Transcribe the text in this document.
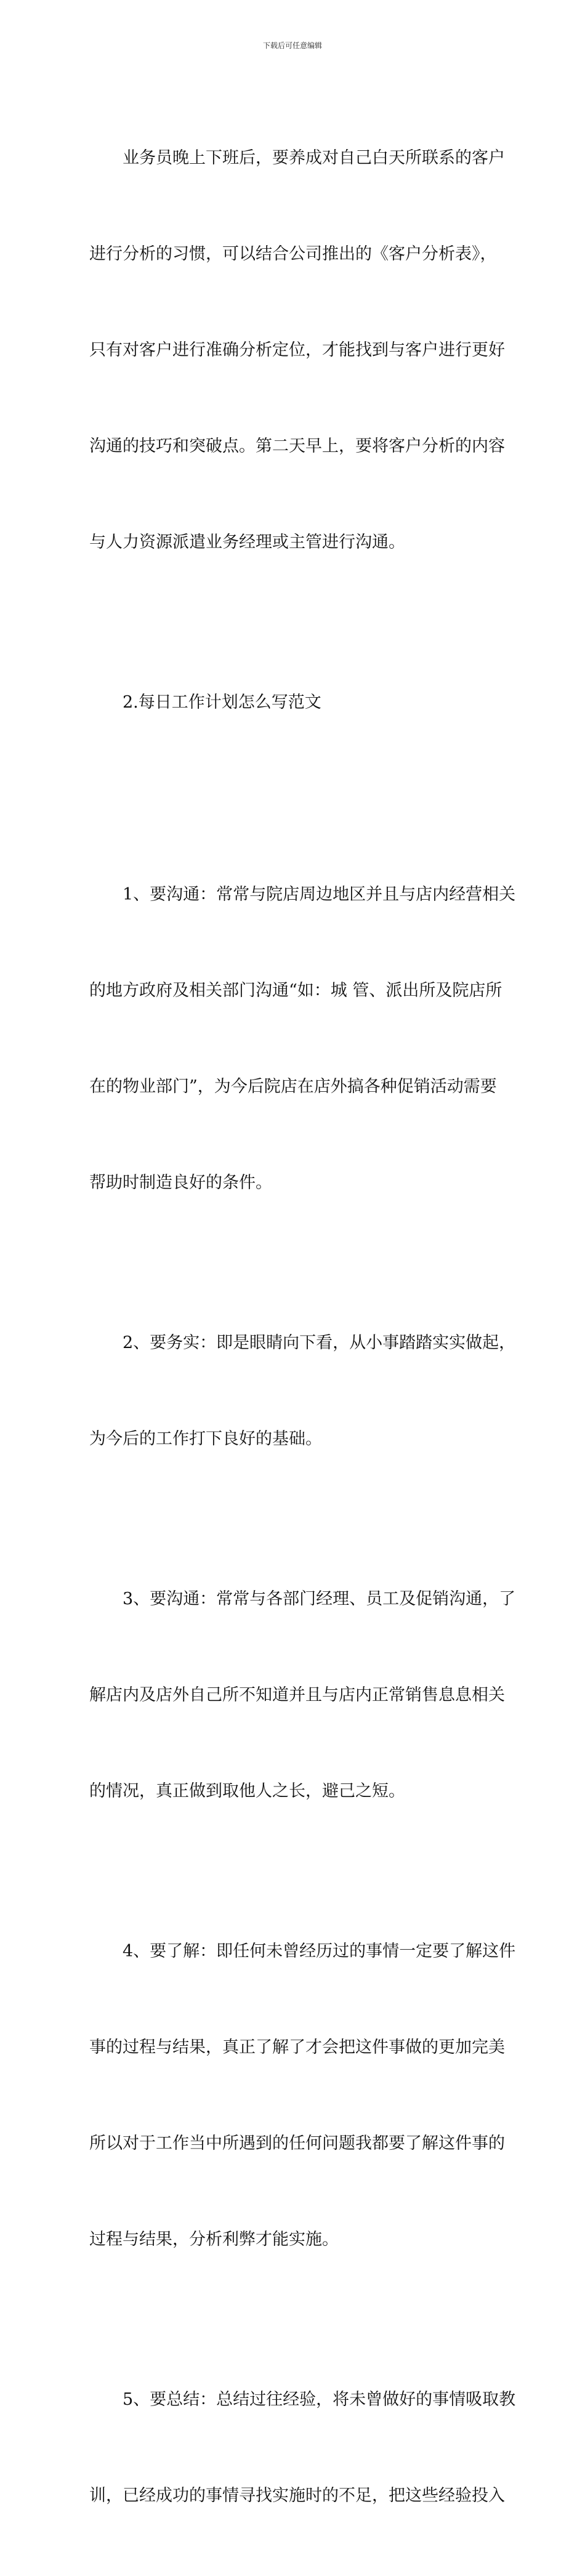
下载后可任意编辑

业务员晚上下班后，要养成对自己白天所联系的客户

进行分析的习惯，可以结合公司推出的《客户分析表》，

只有对客户进行准确分析定位，才能找到与客户进行更好

沟通的技巧和突破点。第二天早上，要将客户分析的内容

与人力资源派遣业务经理或主管进行沟通。

2.每日工作计划怎么写范文

1、要沟通：常常与院店周边地区并且与店内经营相关

的地方政府及相关部门沟通“如：城 管、派出所及院店所

在的物业部门”，为今后院店在店外搞各种促销活动需要

帮助时制造良好的条件。

2、要务实：即是眼睛向下看，从小事踏踏实实做起，

为今后的工作打下良好的基础。

3、要沟通：常常与各部门经理、员工及促销沟通，了

解店内及店外自己所不知道并且与店内正常销售息息相关

的情况，真正做到取他人之长，避己之短。

4、要了解：即任何未曾经历过的事情一定要了解这件

事的过程与结果，真正了解了才会把这件事做的更加完美

所以对于工作当中所遇到的任何问题我都要了解这件事的

过程与结果，分析利弊才能实施。

5、要总结：总结过往经验，将未曾做好的事情吸取教

训，已经成功的事情寻找实施时的不足，把这些经验投入
